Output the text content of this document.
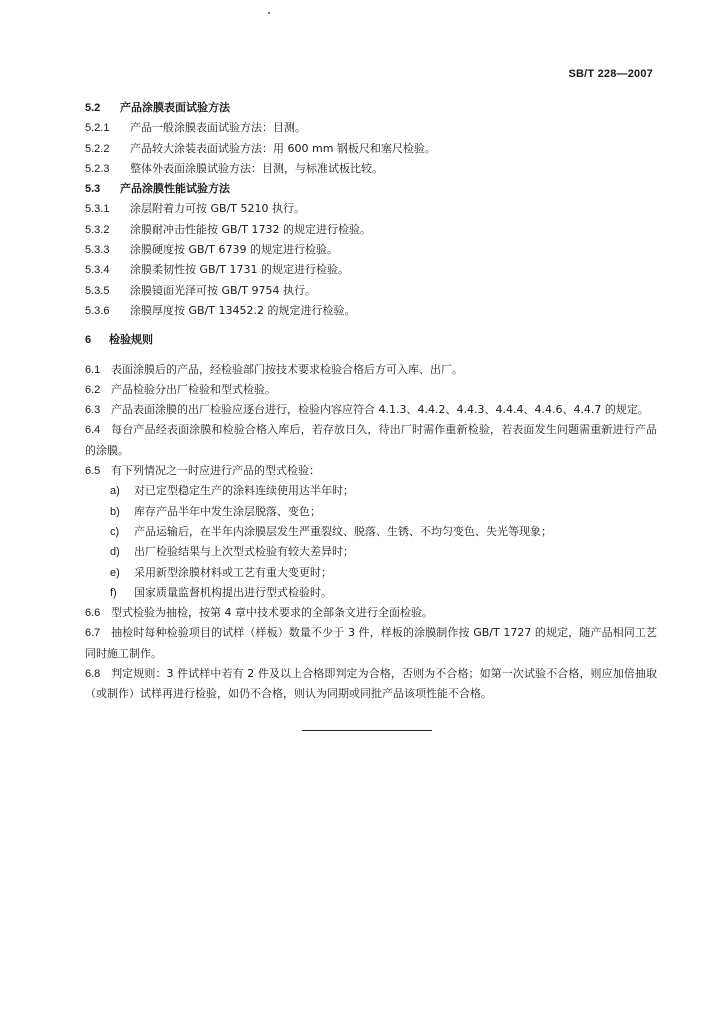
SB/T 228—2007
5.2 产品涂膜表面试验方法
5.2.1 产品一般涂膜表面试验方法：目测。
5.2.2 产品较大涂装表面试验方法：用 600 mm 钢板尺和塞尺检验。
5.2.3 整体外表面涂膜试验方法：目测，与标准试板比较。
5.3 产品涂膜性能试验方法
5.3.1 涂层附着力可按 GB/T 5210 执行。
5.3.2 涂膜耐冲击性能按 GB/T 1732 的规定进行检验。
5.3.3 涂膜硬度按 GB/T 6739 的规定进行检验。
5.3.4 涂膜柔韧性按 GB/T 1731 的规定进行检验。
5.3.5 涂膜镜面光泽可按 GB/T 9754 执行。
5.3.6 涂膜厚度按 GB/T 13452.2 的规定进行检验。
6 检验规则
6.1 表面涂膜后的产品，经检验部门按技术要求检验合格后方可入库、出厂。
6.2 产品检验分出厂检验和型式检验。
6.3 产品表面涂膜的出厂检验应逐台进行，检验内容应符合 4.1.3、4.4.2、4.4.3、4.4.4、4.4.6、4.4.7 的规定。
6.4 每台产品经表面涂膜和检验合格入库后，若存放日久，待出厂时需作重新检验，若表面发生问题需重新进行产品的涂膜。
6.5 有下列情况之一时应进行产品的型式检验：
a) 对已定型稳定生产的涂料连续使用达半年时；
b) 库存产品半年中发生涂层脱落、变色；
c) 产品运输后，在半年内涂膜层发生严重裂纹、脱落、生锈、不均匀变色、失光等现象；
d) 出厂检验结果与上次型式检验有较大差异时；
e) 采用新型涂膜材料或工艺有重大变更时；
f) 国家质量监督机构提出进行型式检验时。
6.6 型式检验为抽检，按第 4 章中技术要求的全部条文进行全面检验。
6.7 抽检时每种检验项目的试样（样板）数量不少于 3 件，样板的涂膜制作按 GB/T 1727 的规定，随产品相同工艺同时施工制作。
6.8 判定规则：3 件试样中若有 2 件及以上合格即判定为合格，否则为不合格；如第一次试验不合格，则应加倍抽取（或制作）试样再进行检验，如仍不合格，则认为同期或同批产品该项性能不合格。
